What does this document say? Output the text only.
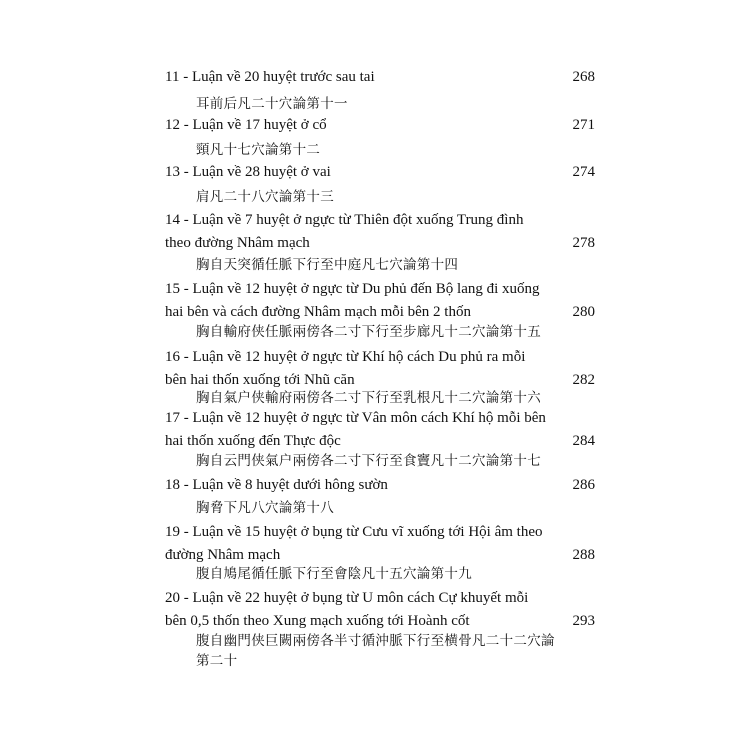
11 - Luận về 20 huyệt trước sau tai	268
耳前后凡二十穴論第十一
12 - Luận về 17 huyệt ở cổ	271
頸凡十七穴論第十二
13 - Luận về 28 huyệt ở vai	274
肩凡二十八穴論第十三
14 - Luận về 7 huyệt ở ngực từ Thiên đột xuống Trung đình
theo đường Nhâm mạch	278
胸自天突循任脈下行至中庭凡七穴論第十四
15 - Luận về 12 huyệt ở ngực từ Du phủ đến Bộ lang đi xuống
hai bên và cách đường Nhâm mạch mỗi bên 2 thốn	280
胸自輸府侠任脈兩傍各二寸下行至步廊凡十二穴論第十五
16 - Luận về 12 huyệt ở ngực từ Khí hộ cách Du phủ ra mỗi
bên hai thốn xuống tới Nhũ căn	282
胸自氣户侠輸府兩傍各二寸下行至乳根凡十二穴論第十六
17 - Luận về 12 huyệt ở ngực từ Vân môn cách Khí hộ mỗi bên
hai thốn xuống đến Thực độc	284
胸自云門侠氣户兩傍各二寸下行至食竇凡十二穴論第十七
18 - Luận về 8 huyệt dưới hông sườn	286
胸脅下凡八穴論第十八
19 - Luận về 15 huyệt ở bụng từ Cưu vĩ xuống tới Hội âm theo
đường Nhâm mạch	288
腹自鳩尾循任脈下行至會陰凡十五穴論第十九
20 - Luận về 22 huyệt ở bụng từ U môn cách Cự khuyết mỗi
bên 0,5 thốn theo Xung mạch xuống tới Hoành cốt	293
腹自幽門侠巨闕兩傍各半寸循沖脈下行至横骨凡二十二穴論
第二十
